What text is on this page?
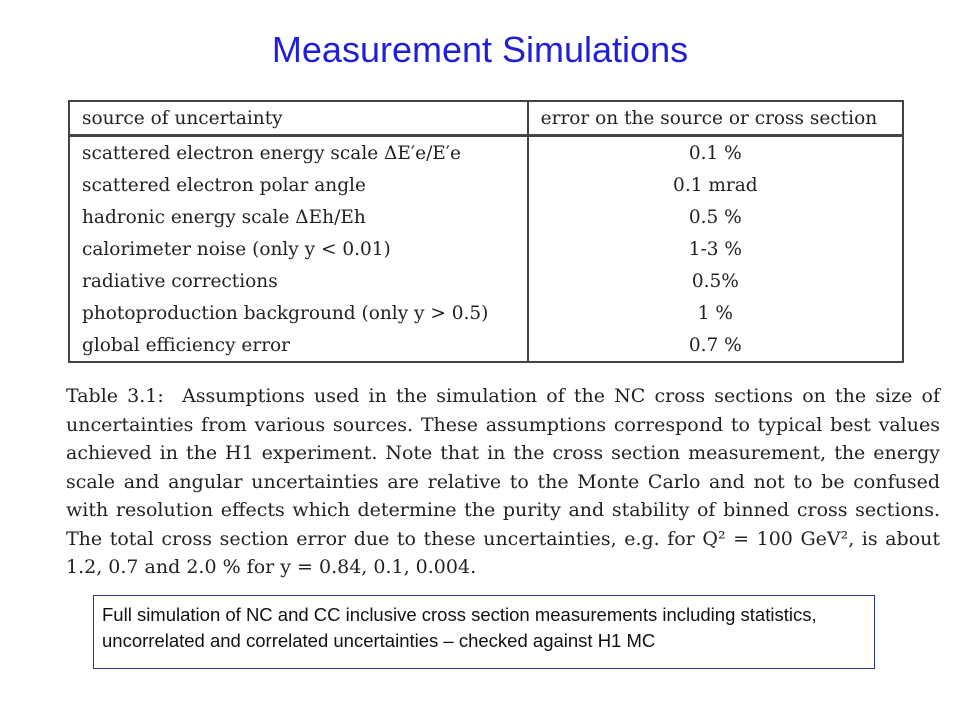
Measurement Simulations
source of uncertainty	error on the source or cross section
scattered electron energy scale ΔE′e/E′e	0.1 %
scattered electron polar angle	0.1 mrad
hadronic energy scale ΔEh/Eh	0.5 %
calorimeter noise (only y < 0.01)	1-3 %
radiative corrections	0.5%
photoproduction background (only y > 0.5)	1 %
global efficiency error	0.7 %
Table 3.1: Assumptions used in the simulation of the NC cross sections on the size of uncertainties from various sources. These assumptions correspond to typical best values achieved in the H1 experiment. Note that in the cross section measurement, the energy scale and angular uncertainties are relative to the Monte Carlo and not to be confused with resolution effects which determine the purity and stability of binned cross sections. The total cross section error due to these uncertainties, e.g. for Q² = 100 GeV², is about 1.2, 0.7 and 2.0 % for y = 0.84, 0.1, 0.004.
Full simulation of NC and CC inclusive cross section measurements including statistics, uncorrelated and correlated uncertainties – checked against H1 MC
